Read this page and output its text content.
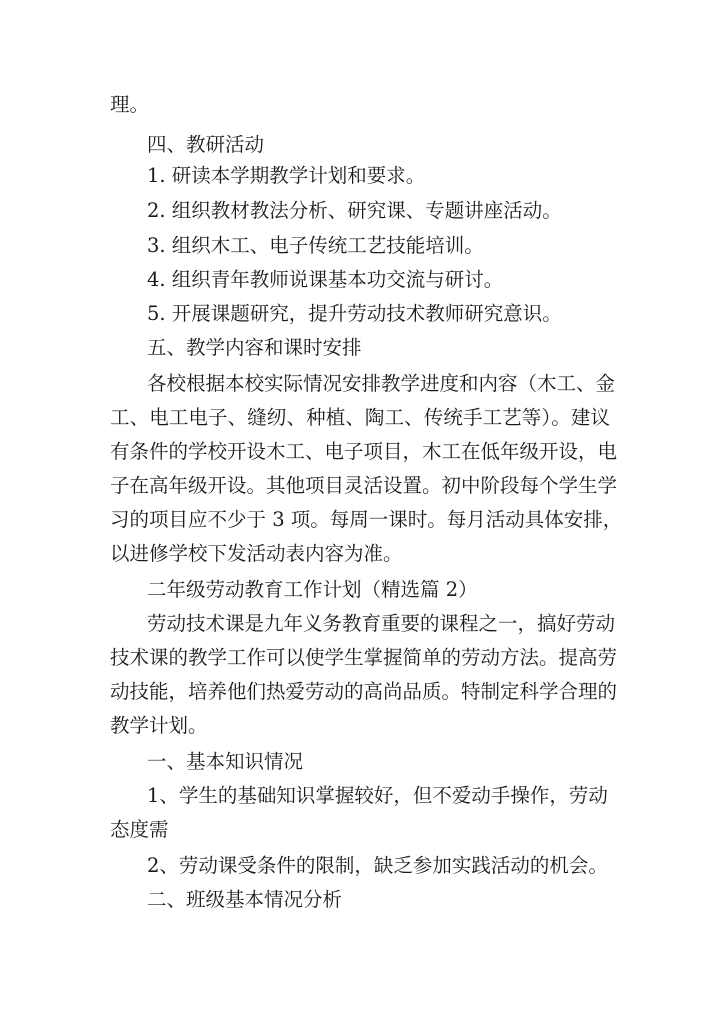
理。
四、教研活动
1. 研读本学期教学计划和要求。
2. 组织教材教法分析、研究课、专题讲座活动。
3. 组织木工、电子传统工艺技能培训。
4. 组织青年教师说课基本功交流与研讨。
5. 开展课题研究，提升劳动技术教师研究意识。
五、教学内容和课时安排
各校根据本校实际情况安排教学进度和内容（木工、金
工、电工电子、缝纫、种植、陶工、传统手工艺等）。建议
有条件的学校开设木工、电子项目，木工在低年级开设，电
子在高年级开设。其他项目灵活设置。初中阶段每个学生学
习的项目应不少于 3 项。每周一课时。每月活动具体安排，
以进修学校下发活动表内容为准。
二年级劳动教育工作计划（精选篇 2）
劳动技术课是九年义务教育重要的课程之一，搞好劳动
技术课的教学工作可以使学生掌握简单的劳动方法。提高劳
动技能，培养他们热爱劳动的高尚品质。特制定科学合理的
教学计划。
一、基本知识情况
1、学生的基础知识掌握较好，但不爱动手操作，劳动
态度需
2、劳动课受条件的限制，缺乏参加实践活动的机会。
二、班级基本情况分析
